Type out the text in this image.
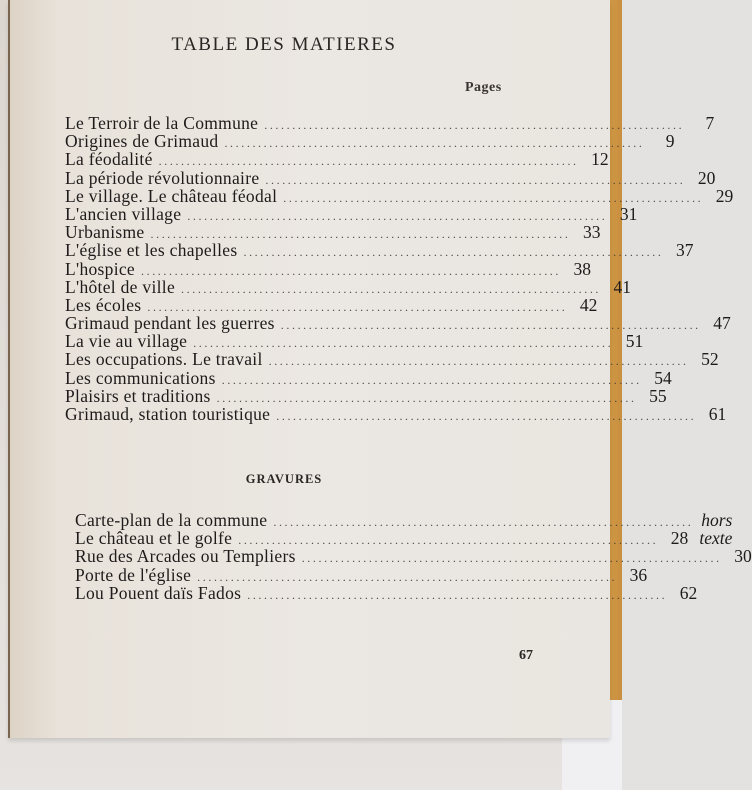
TABLE DES MATIERES
Pages
Le Terroir de la Commune ...........................................................................	7
Origines de Grimaud ...........................................................................	9
La féodalité ........................................................................... 12
La période révolutionnaire ........................................................................... 20
Le village. Le château féodal ........................................................................... 29
L'ancien village ........................................................................... 31
Urbanisme ........................................................................... 33
L'église et les chapelles ........................................................................... 37
L'hospice ........................................................................... 38
L'hôtel de ville ........................................................................... 41
Les écoles ........................................................................... 42
Grimaud pendant les guerres ........................................................................... 47
La vie au village ........................................................................... 51
Les occupations. Le travail ........................................................................... 52
Les communications ........................................................................... 54
Plaisirs et traditions ........................................................................... 55
Grimaud, station touristique ........................................................................... 61
GRAVURES
Carte-plan de la commune ........................................................................... hors texte
Le château et le golfe ........................................................................... 28
Rue des Arcades ou Templiers ........................................................................... 30
Porte de l'église ........................................................................... 36
Lou Pouent daïs Fados ........................................................................... 62
67
